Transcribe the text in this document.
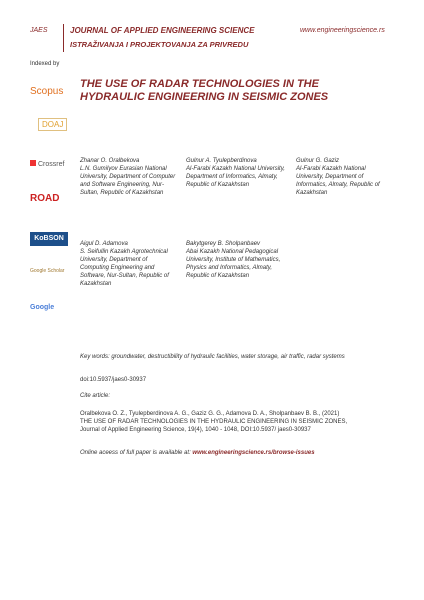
JAES	JOURNAL OF APPLIED ENGINEERING SCIENCE	www.engineeringscience.rs
ISTRAŽIVANJA I PROJEKTOVANJA ZA PRIVREDU
Indexed by
Scopus
DOAJ
Crossref
ROAD
KoBSON
Google Scholar
Google
THE USE OF RADAR TECHNOLOGIES IN THE HYDRAULIC ENGINEERING IN SEISMIC ZONES
Zhanar O. Oralbekova
L.N. Gumilyov Eurasian National University, Department of Computer and Software Engineering, Nur-Sultan, Republic of Kazakhstan
Gulnur A. Tyulepberdinova
Al-Farabi Kazakh National University, Department of Informatics, Almaty, Republic of Kazakhstan
Gulnur G. Gaziz
Al-Farabi Kazakh National University, Department of Informatics, Almaty, Republic of Kazakhstan
Aigul D. Adamova
S. Seifullin Kazakh Agrotechnical University, Department of Computing Engineering and Software, Nur-Sultan, Republic of Kazakhstan
Bakytgerey B. Sholpanbaev
Abai Kazakh National Pedagogical University, Institute of Mathematics, Physics and Informatics, Almaty, Republic of Kazakhstan
Key words: groundwater, destructibility of hydraulic facilities, water storage, air traffic, radar systems
doi:10.5937/jaes0-30937
Cite article:
Oralbekova O. Z., Tyulepberdinova A. G., Gaziz G. G., Adamova D. A., Sholpanbaev B. B., (2021) THE USE OF RADAR TECHNOLOGIES IN THE HYDRAULIC ENGINEERING IN SEISMIC ZONES, Journal of Applied Engineering Science, 19(4), 1040 - 1048, DOI:10.5937/ jaes0-30937
Online aceess of full paper is available at: www.engineeringscience.rs/browse-issues
